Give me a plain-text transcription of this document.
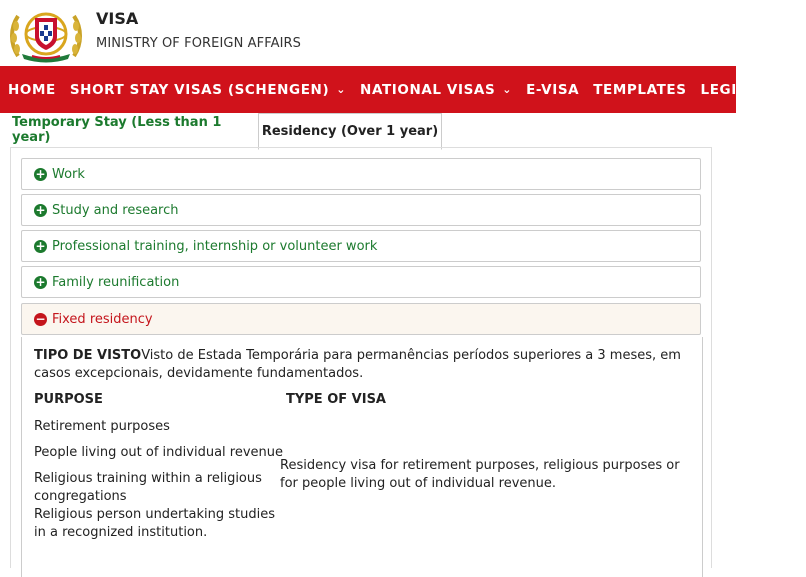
VISA
MINISTRY OF FOREIGN AFFAIRS
HOME SHORT STAY VISAS (SCHENGEN) ⌄ NATIONAL VISAS ⌄ E-VISA TEMPLATES LEGISLATION
Temporary Stay (Less than 1 year)	Residency (Over 1 year)
+ Work
+ Study and research
+ Professional training, internship or volunteer work
+ Family reunification
− Fixed residency
TIPO DE VISTOVisto de Estada Temporária para permanências períodos superiores a 3 meses, em casos excepcionais, devidamente fundamentados.
PURPOSE	TYPE OF VISA
Retirement purposes
People living out of individual revenue
Religious training within a religious congregations
Religious person undertaking studies in a recognized institution.
Residency visa for retirement purposes, religious purposes or for people living out of individual revenue.
